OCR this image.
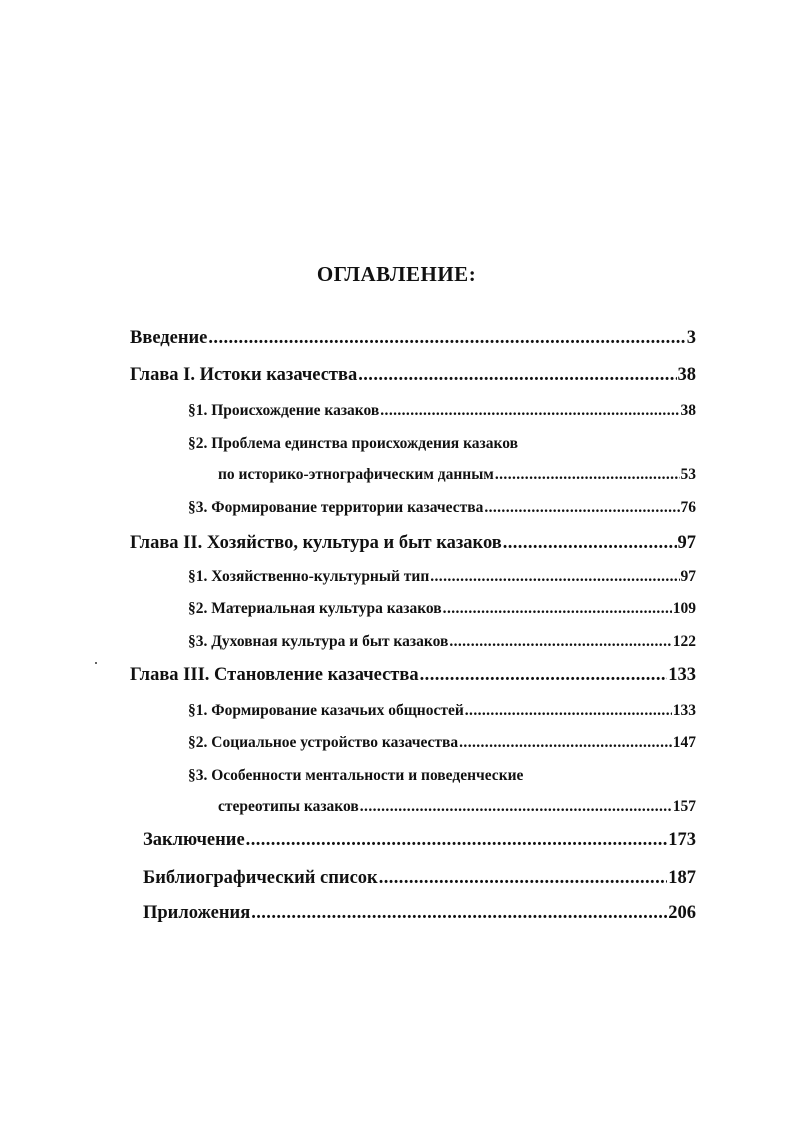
ОГЛАВЛЕНИЕ:
Введение .....	3
Глава I. Истоки казачества .....	38
§1. Происхождение казаков .....	38
§2. Проблема единства происхождения казаков
по историко-этнографическим данным .....	53
§3. Формирование территории казачества .....	76
Глава II. Хозяйство, культура и быт казаков .....	97
§1. Хозяйственно-культурный тип .....	97
§2. Материальная культура казаков .....	109
§3. Духовная культура и быт казаков .....	122
Глава III. Становление казачества .....	133
§1. Формирование казачьих общностей .....	133
§2. Социальное устройство казачества .....	147
§3. Особенности ментальности и поведенческие
стереотипы казаков .....	157
Заключение .....	173
Библиографический список .....	187
Приложения .....	206
